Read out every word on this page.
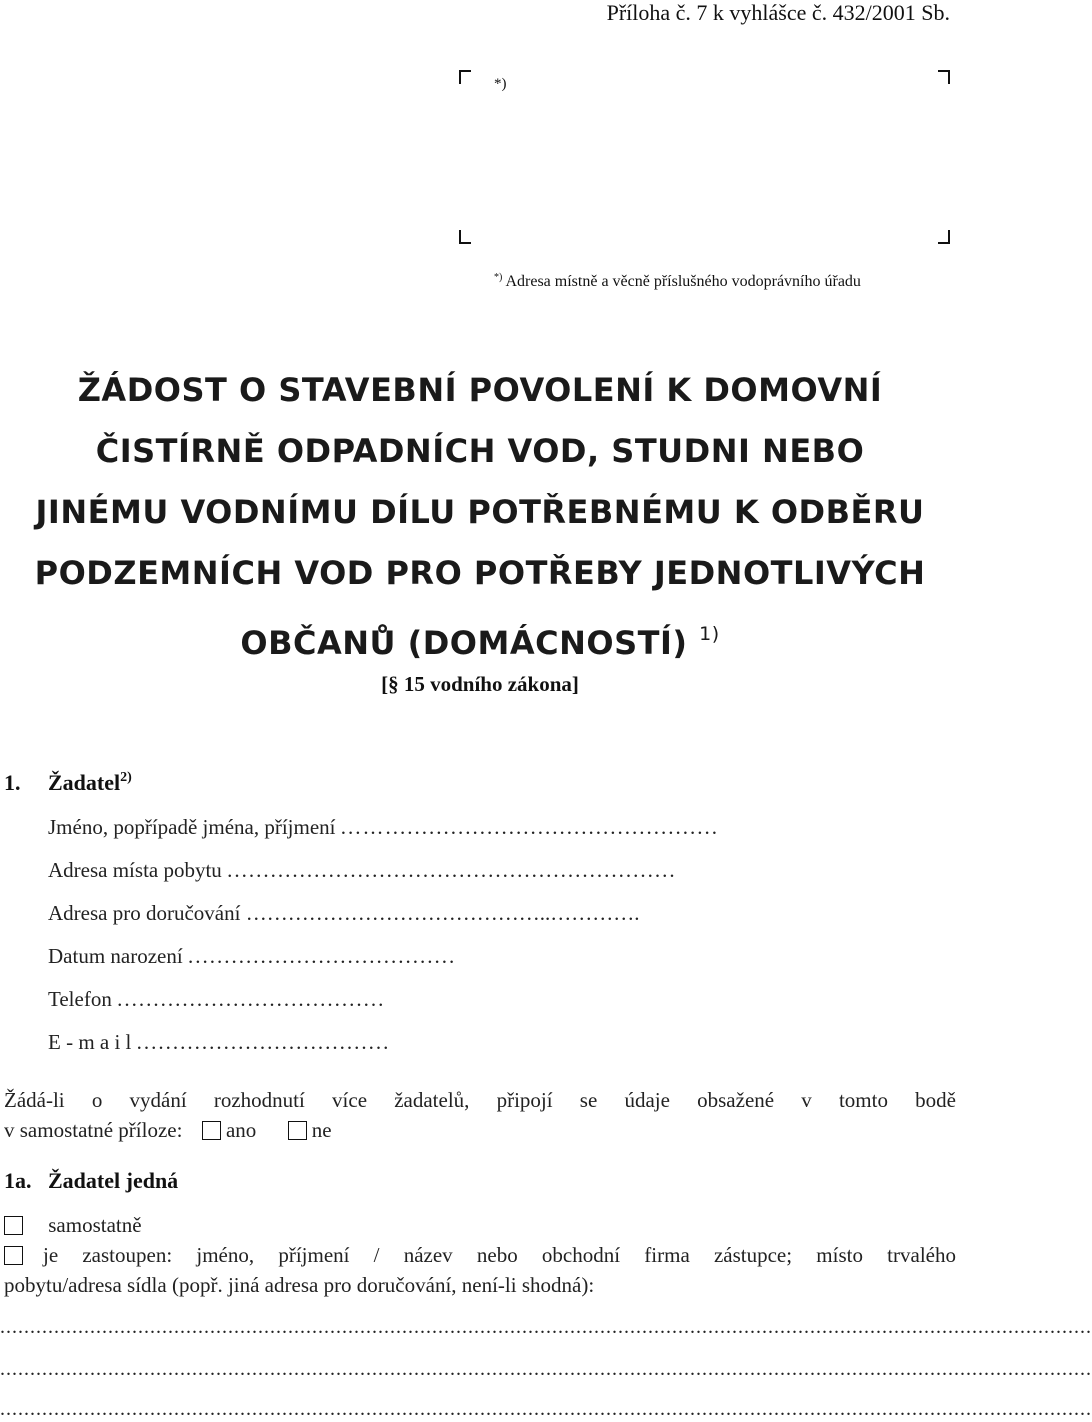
Příloha č. 7 k vyhlášce č. 432/2001 Sb.
*)
*) Adresa místně a věcně příslušného vodoprávního úřadu
ŽÁDOST O STAVEBNÍ POVOLENÍ K DOMOVNÍ
ČISTÍRNĚ ODPADNÍCH VOD, STUDNI NEBO
JINÉMU VODNÍMU DÍLU POTŘEBNÉMU K ODBĚRU
PODZEMNÍCH VOD PRO POTŘEBY JEDNOTLIVÝCH
OBČANŮ (DOMÁCNOSTÍ) $^{1)}$
[§ 15 vodního zákona]
1. Žadatel$^{2)}$
Jméno, popřípadě jména, příjmení ...…..............................................
Adresa místa pobytu ..............................................................
Adresa pro doručování ……………………………………..………….
Datum narození .....................................
Telefon .....................................
E - m a i l ...................................
Žádá-li o vydání rozhodnutí více žadatelů, připojí se údaje obsažené v tomto bodě
v samostatné příloze: ano	ne
1a. Žadatel jedná
samostatně
je zastoupen: jméno, příjmení / název nebo obchodní firma zástupce; místo trvalého
pobytu/adresa sídla (popř. jiná adresa pro doručování, není-li shodná):
......................................................................................................................................................................................
......................................................................................................................................................................................
......................................................................................................................................................................................
